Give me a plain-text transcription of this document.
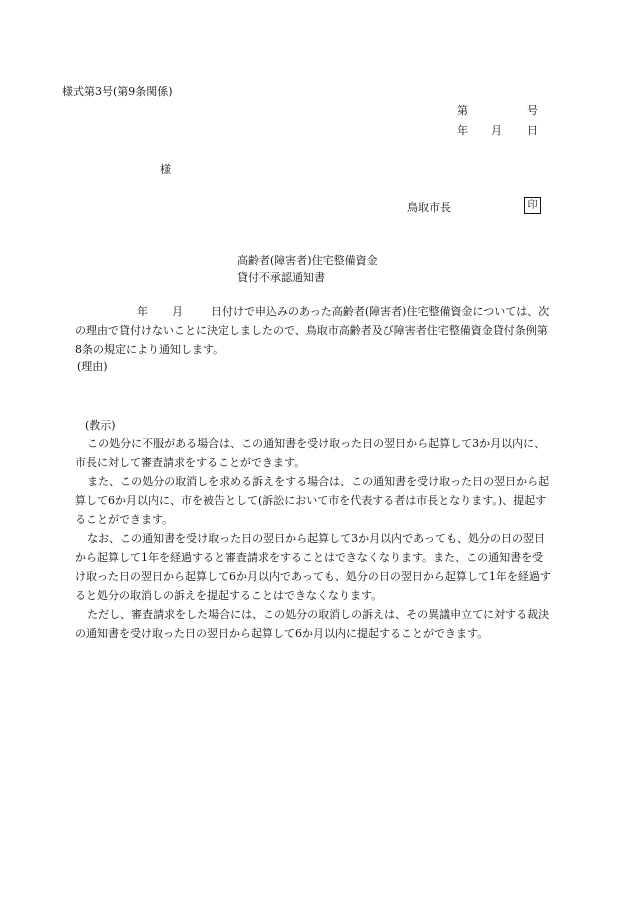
様式第3号(第9条関係)
第	号
年 月 日
様
鳥取市長	印
高齢者(障害者)住宅整備資金
貸付不承認通知書
年 月	日付けで申込みのあった高齢者(障害者)住宅整備資金については、次の理由で貸付けないことに決定しましたので、鳥取市高齢者及び障害者住宅整備資金貸付条例第8条の規定により通知します。
(理由)
(教示)

この処分に不服がある場合は、この通知書を受け取った日の翌日から起算して3か月以内に、市長に対して審査請求をすることができます。

また、この処分の取消しを求める訴えをする場合は、この通知書を受け取った日の翌日から起算して6か月以内に、市を被告として(訴訟において市を代表する者は市長となります。)、提起することができます。

なお、この通知書を受け取った日の翌日から起算して3か月以内であっても、処分の日の翌日から起算して1年を経過すると審査請求をすることはできなくなります。また、この通知書を受け取った日の翌日から起算して6か月以内であっても、処分の日の翌日から起算して1年を経過すると処分の取消しの訴えを提起することはできなくなります。

ただし、審査請求をした場合には、この処分の取消しの訴えは、その異議申立てに対する裁決の通知書を受け取った日の翌日から起算して6か月以内に提起することができます。
